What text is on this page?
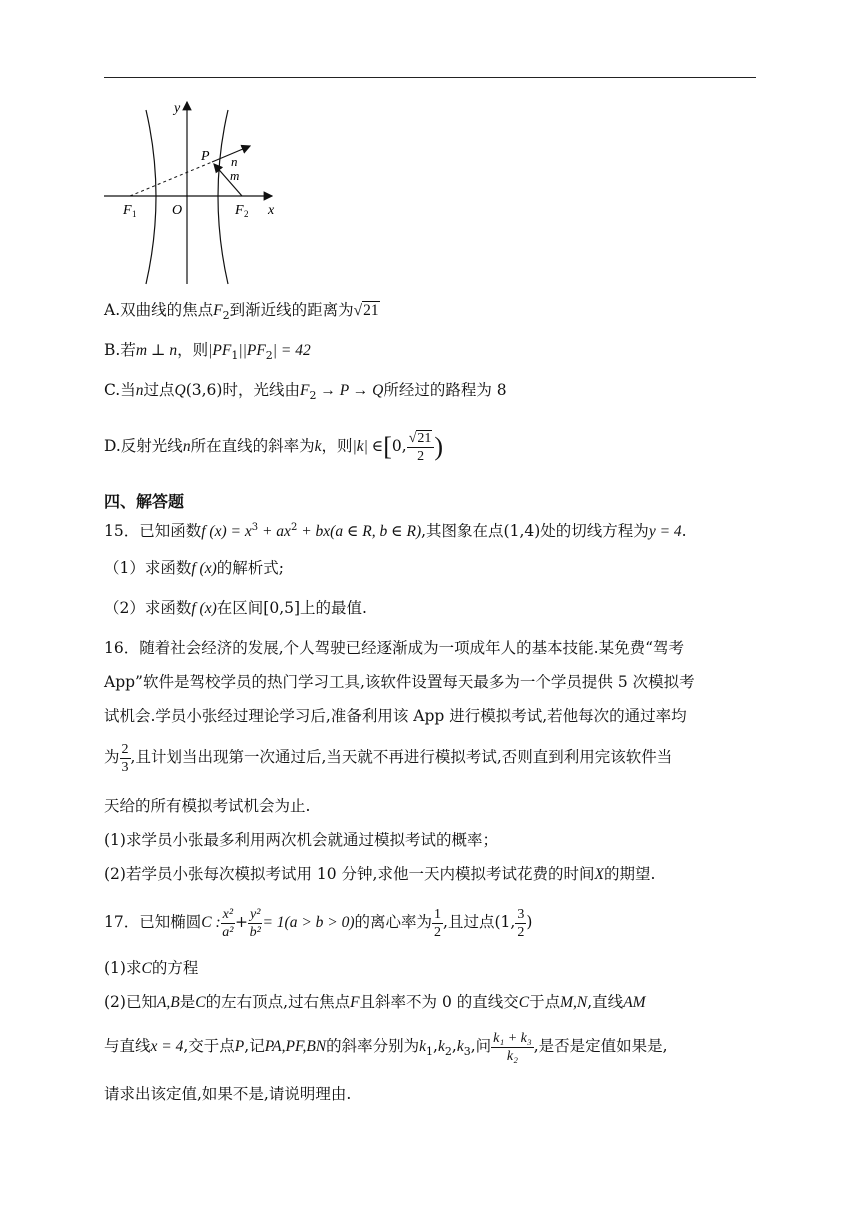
y
x
O
F 1	F 2
P n
m
A.双曲线的焦点$F_2$到渐近线的距离为√21
B.若m ⊥ n，则$|PF_1||PF_2| = 42$
C.当n过点Q(3,6)时，光线由$F_2 \to P \to Q$所经过的路程为 8
D.反射光线n所在直线的斜率为k，则|k| ∈[0, $\frac{√21}{2}$ )
四、解答题
15．已知函数f $(x) = x^3 + ax^2 + bx(a$ ∈ R, b ∈ R),其图象在点(1,4)处的切线方程为y = 4.
（1）求函数f (x)的解析式;
（2）求函数f (x)在区间[0,5]上的最值.
16．随着社会经济的发展,个人驾驶已经逐渐成为一项成年人的基本技能.某免费“驾考
App”软件是驾校学员的热门学习工具,该软件设置每天最多为一个学员提供 5 次模拟考
试机会.学员小张经过理论学习后,准备利用该 App 进行模拟考试,若他每次的通过率均
为 $\frac{2}{3}$ ,且计划当出现第一次通过后,当天就不再进行模拟考试,否则直到利用完该软件当
天给的所有模拟考试机会为止.
(1)求学员小张最多利用两次机会就通过模拟考试的概率；
(2)若学员小张每次模拟考试用 10 分钟,求他一天内模拟考试花费的时间X的期望.
17．已知椭圆C : $\frac{\text{x²}}{\text{a²}} + \frac{\text{y²}}{\text{b²}} = 1(a > b > 0)$的离心率为 $\frac{1}{2}$ ,且过点(1, $\frac{3}{2}$ )
(1)求C的方程
(2)已知A,B是C的左右顶点,过右焦点F且斜率不为 0 的直线交C于点M,N,直线AM
与直线x = 4,交于点P,记PA,PF,BN的斜率分别为$k_1,k_2,k_3$,问 $\frac{\text{k₁ + k₃}}{\text{k₂}}$ ,是否是定值如果是,
请求出该定值,如果不是,请说明理由.
